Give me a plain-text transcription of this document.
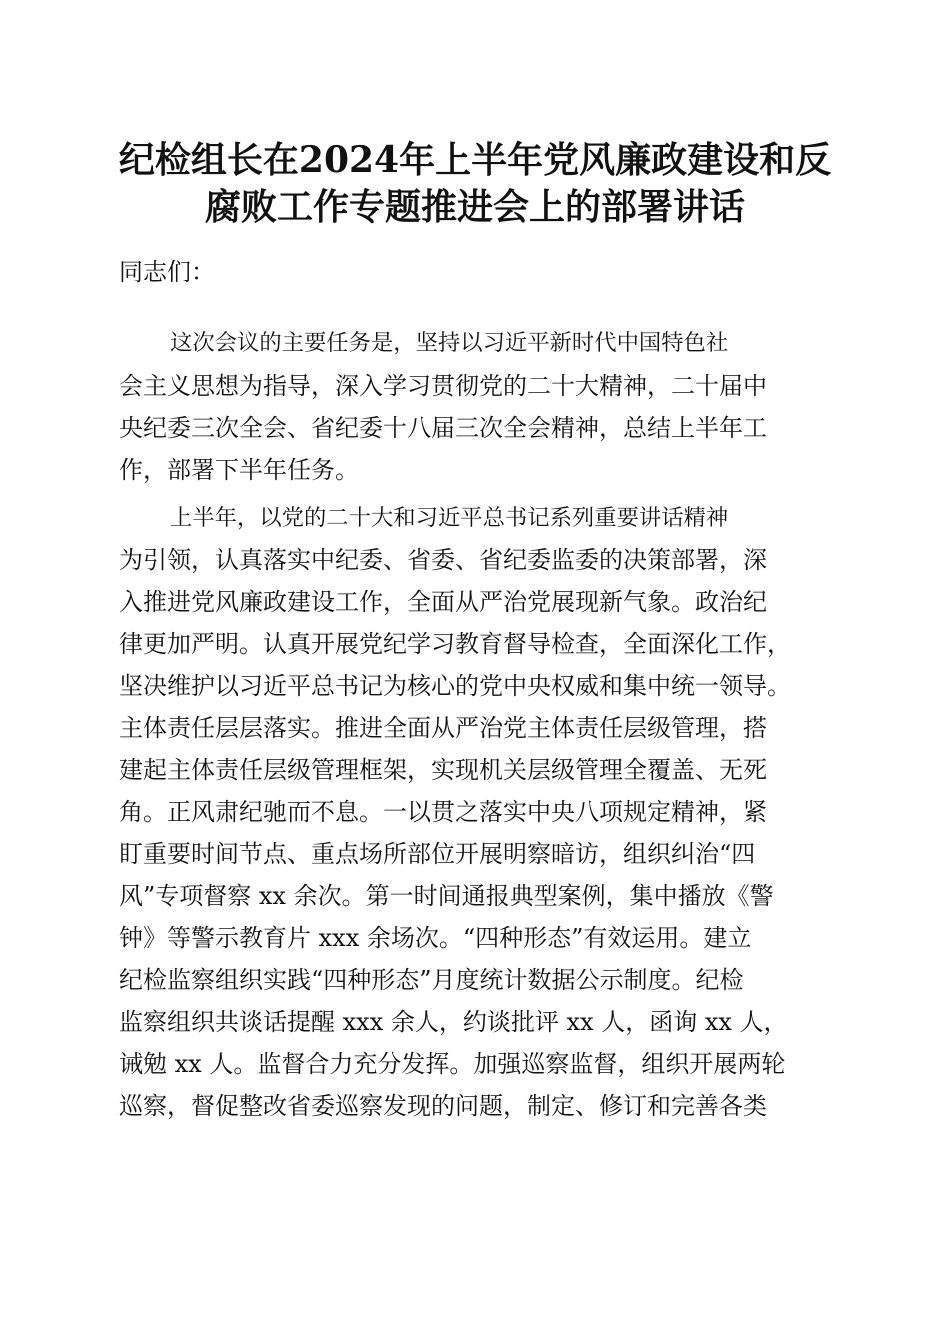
纪检组长在2024年上半年党风廉政建设和反
腐败工作专题推进会上的部署讲话
同志们：
这次会议的主要任务是，坚持以习近平新时代中国特色社
会主义思想为指导，深入学习贯彻党的二十大精神，二十届中
央纪委三次全会、省纪委十八届三次全会精神，总结上半年工
作，部署下半年任务。
上半年，以党的二十大和习近平总书记系列重要讲话精神
为引领，认真落实中纪委、省委、省纪委监委的决策部署，深
入推进党风廉政建设工作，全面从严治党展现新气象。政治纪
律更加严明。认真开展党纪学习教育督导检查，全面深化工作，
坚决维护以习近平总书记为核心的党中央权威和集中统一领导。
主体责任层层落实。推进全面从严治党主体责任层级管理，搭
建起主体责任层级管理框架，实现机关层级管理全覆盖、无死
角。正风肃纪驰而不息。一以贯之落实中央八项规定精神，紧
盯重要时间节点、重点场所部位开展明察暗访，组织纠治“四
风”专项督察 xx 余次。第一时间通报典型案例，集中播放《警
钟》等警示教育片 xxx 余场次。“四种形态”有效运用。建立
纪检监察组织实践“四种形态”月度统计数据公示制度。纪检
监察组织共谈话提醒 xxx 余人，约谈批评 xx 人，函询 xx 人，
诫勉 xx 人。监督合力充分发挥。加强巡察监督，组织开展两轮
巡察，督促整改省委巡察发现的问题，制定、修订和完善各类
